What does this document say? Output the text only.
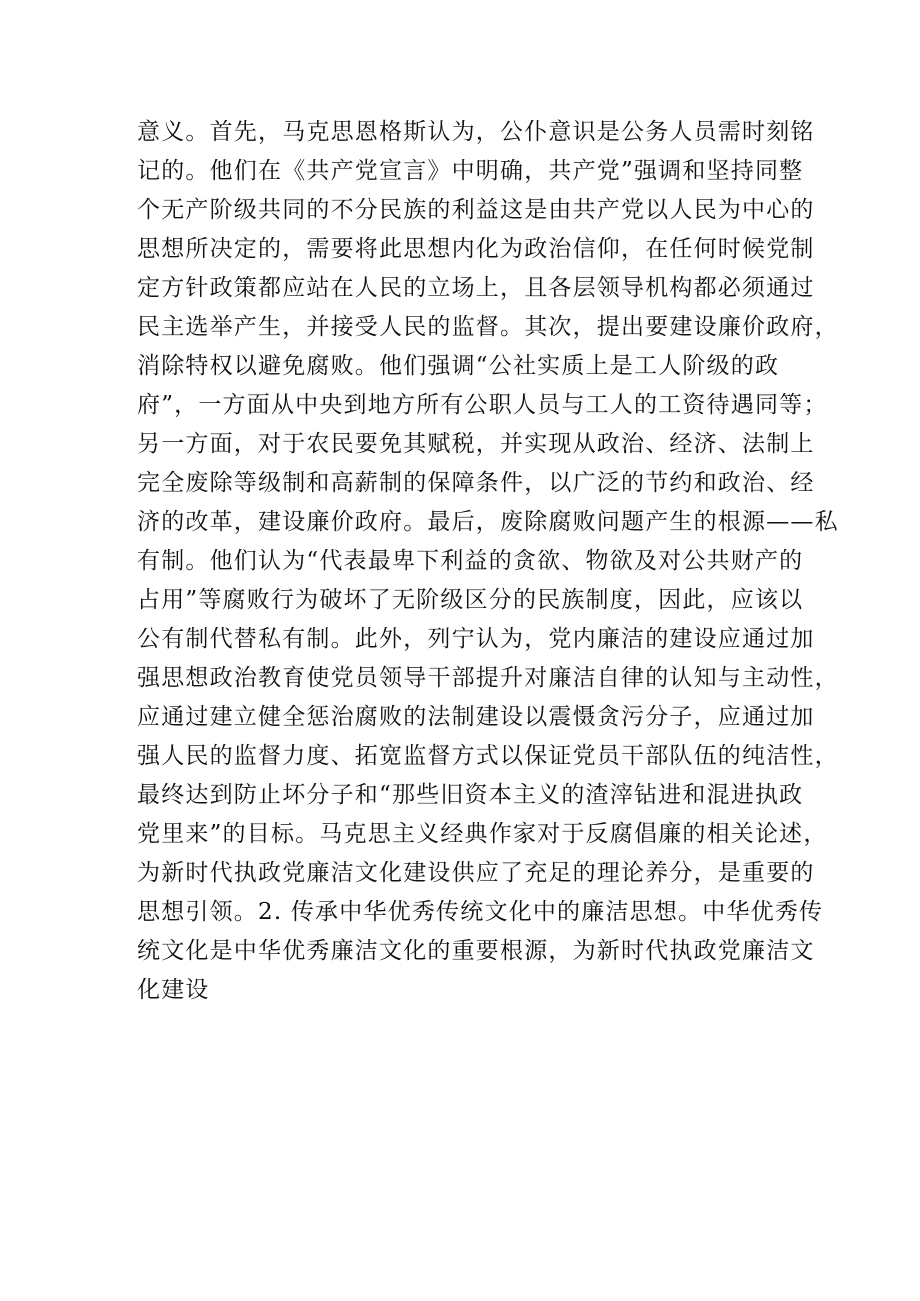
意义。首先，马克思恩格斯认为，公仆意识是公务人员需时刻铭
记的。他们在《共产党宣言》中明确，共产党”强调和坚持同整
个无产阶级共同的不分民族的利益这是由共产党以人民为中心的
思想所决定的，需要将此思想内化为政治信仰，在任何时候党制
定方针政策都应站在人民的立场上，且各层领导机构都必须通过
民主选举产生，并接受人民的监督。其次，提出要建设廉价政府，
消除特权以避免腐败。他们强调“公社实质上是工人阶级的政
府”，一方面从中央到地方所有公职人员与工人的工资待遇同等；
另一方面，对于农民要免其赋税，并实现从政治、经济、法制上
完全废除等级制和高薪制的保障条件，以广泛的节约和政治、经
济的改革，建设廉价政府。最后，废除腐败问题产生的根源——私
有制。他们认为“代表最卑下利益的贪欲、物欲及对公共财产的
占用”等腐败行为破坏了无阶级区分的民族制度，因此，应该以
公有制代替私有制。此外，列宁认为，党内廉洁的建设应通过加
强思想政治教育使党员领导干部提升对廉洁自律的认知与主动性，
应通过建立健全惩治腐败的法制建设以震慑贪污分子，应通过加
强人民的监督力度、拓宽监督方式以保证党员干部队伍的纯洁性，
最终达到防止坏分子和“那些旧资本主义的渣滓钻进和混进执政
党里来”的目标。马克思主义经典作家对于反腐倡廉的相关论述，
为新时代执政党廉洁文化建设供应了充足的理论养分，是重要的
思想引领。2. 传承中华优秀传统文化中的廉洁思想。中华优秀传
统文化是中华优秀廉洁文化的重要根源，为新时代执政党廉洁文
化建设
